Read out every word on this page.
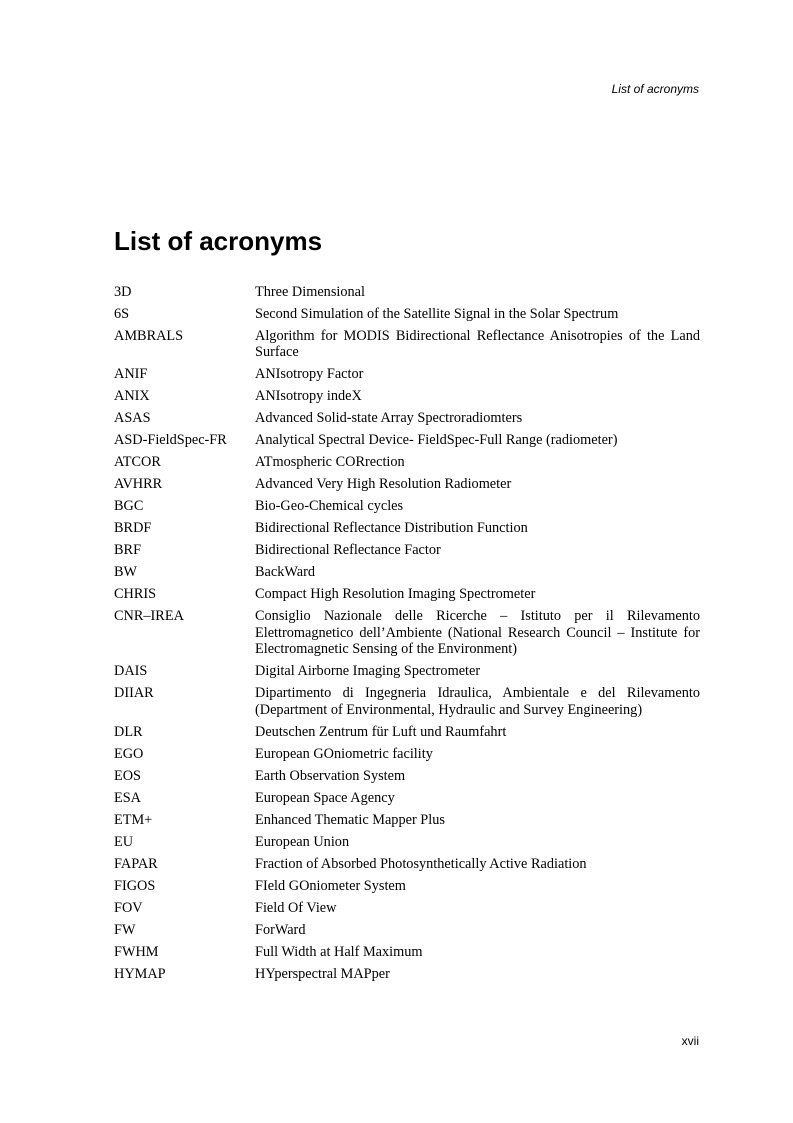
List of acronyms
List of acronyms
3D	Three Dimensional
6S	Second Simulation of the Satellite Signal in the Solar Spectrum
AMBRALS	Algorithm for MODIS Bidirectional Reflectance Anisotropies of the Land Surface
ANIF	ANIsotropy Factor
ANIX	ANIsotropy indeX
ASAS	Advanced Solid-state Array Spectroradiomters
ASD-FieldSpec-FR	Analytical Spectral Device- FieldSpec-Full Range (radiometer)
ATCOR	ATmospheric CORrection
AVHRR	Advanced Very High Resolution Radiometer
BGC	Bio-Geo-Chemical cycles
BRDF	Bidirectional Reflectance Distribution Function
BRF	Bidirectional Reflectance Factor
BW	BackWard
CHRIS	Compact High Resolution Imaging Spectrometer
CNR–IREA	Consiglio Nazionale delle Ricerche – Istituto per il Rilevamento Elettromagnetico dell’Ambiente (National Research Council – Institute for Electromagnetic Sensing of the Environment)
DAIS	Digital Airborne Imaging Spectrometer
DIIAR	Dipartimento di Ingegneria Idraulica, Ambientale e del Rilevamento (Department of Environmental, Hydraulic and Survey Engineering)
DLR	Deutschen Zentrum für Luft und Raumfahrt
EGO	European GOniometric facility
EOS	Earth Observation System
ESA	European Space Agency
ETM+	Enhanced Thematic Mapper Plus
EU	European Union
FAPAR	Fraction of Absorbed Photosynthetically Active Radiation
FIGOS	FIeld GOniometer System
FOV	Field Of View
FW	ForWard
FWHM	Full Width at Half Maximum
HYMAP	HYperspectral MAPper
xvii
